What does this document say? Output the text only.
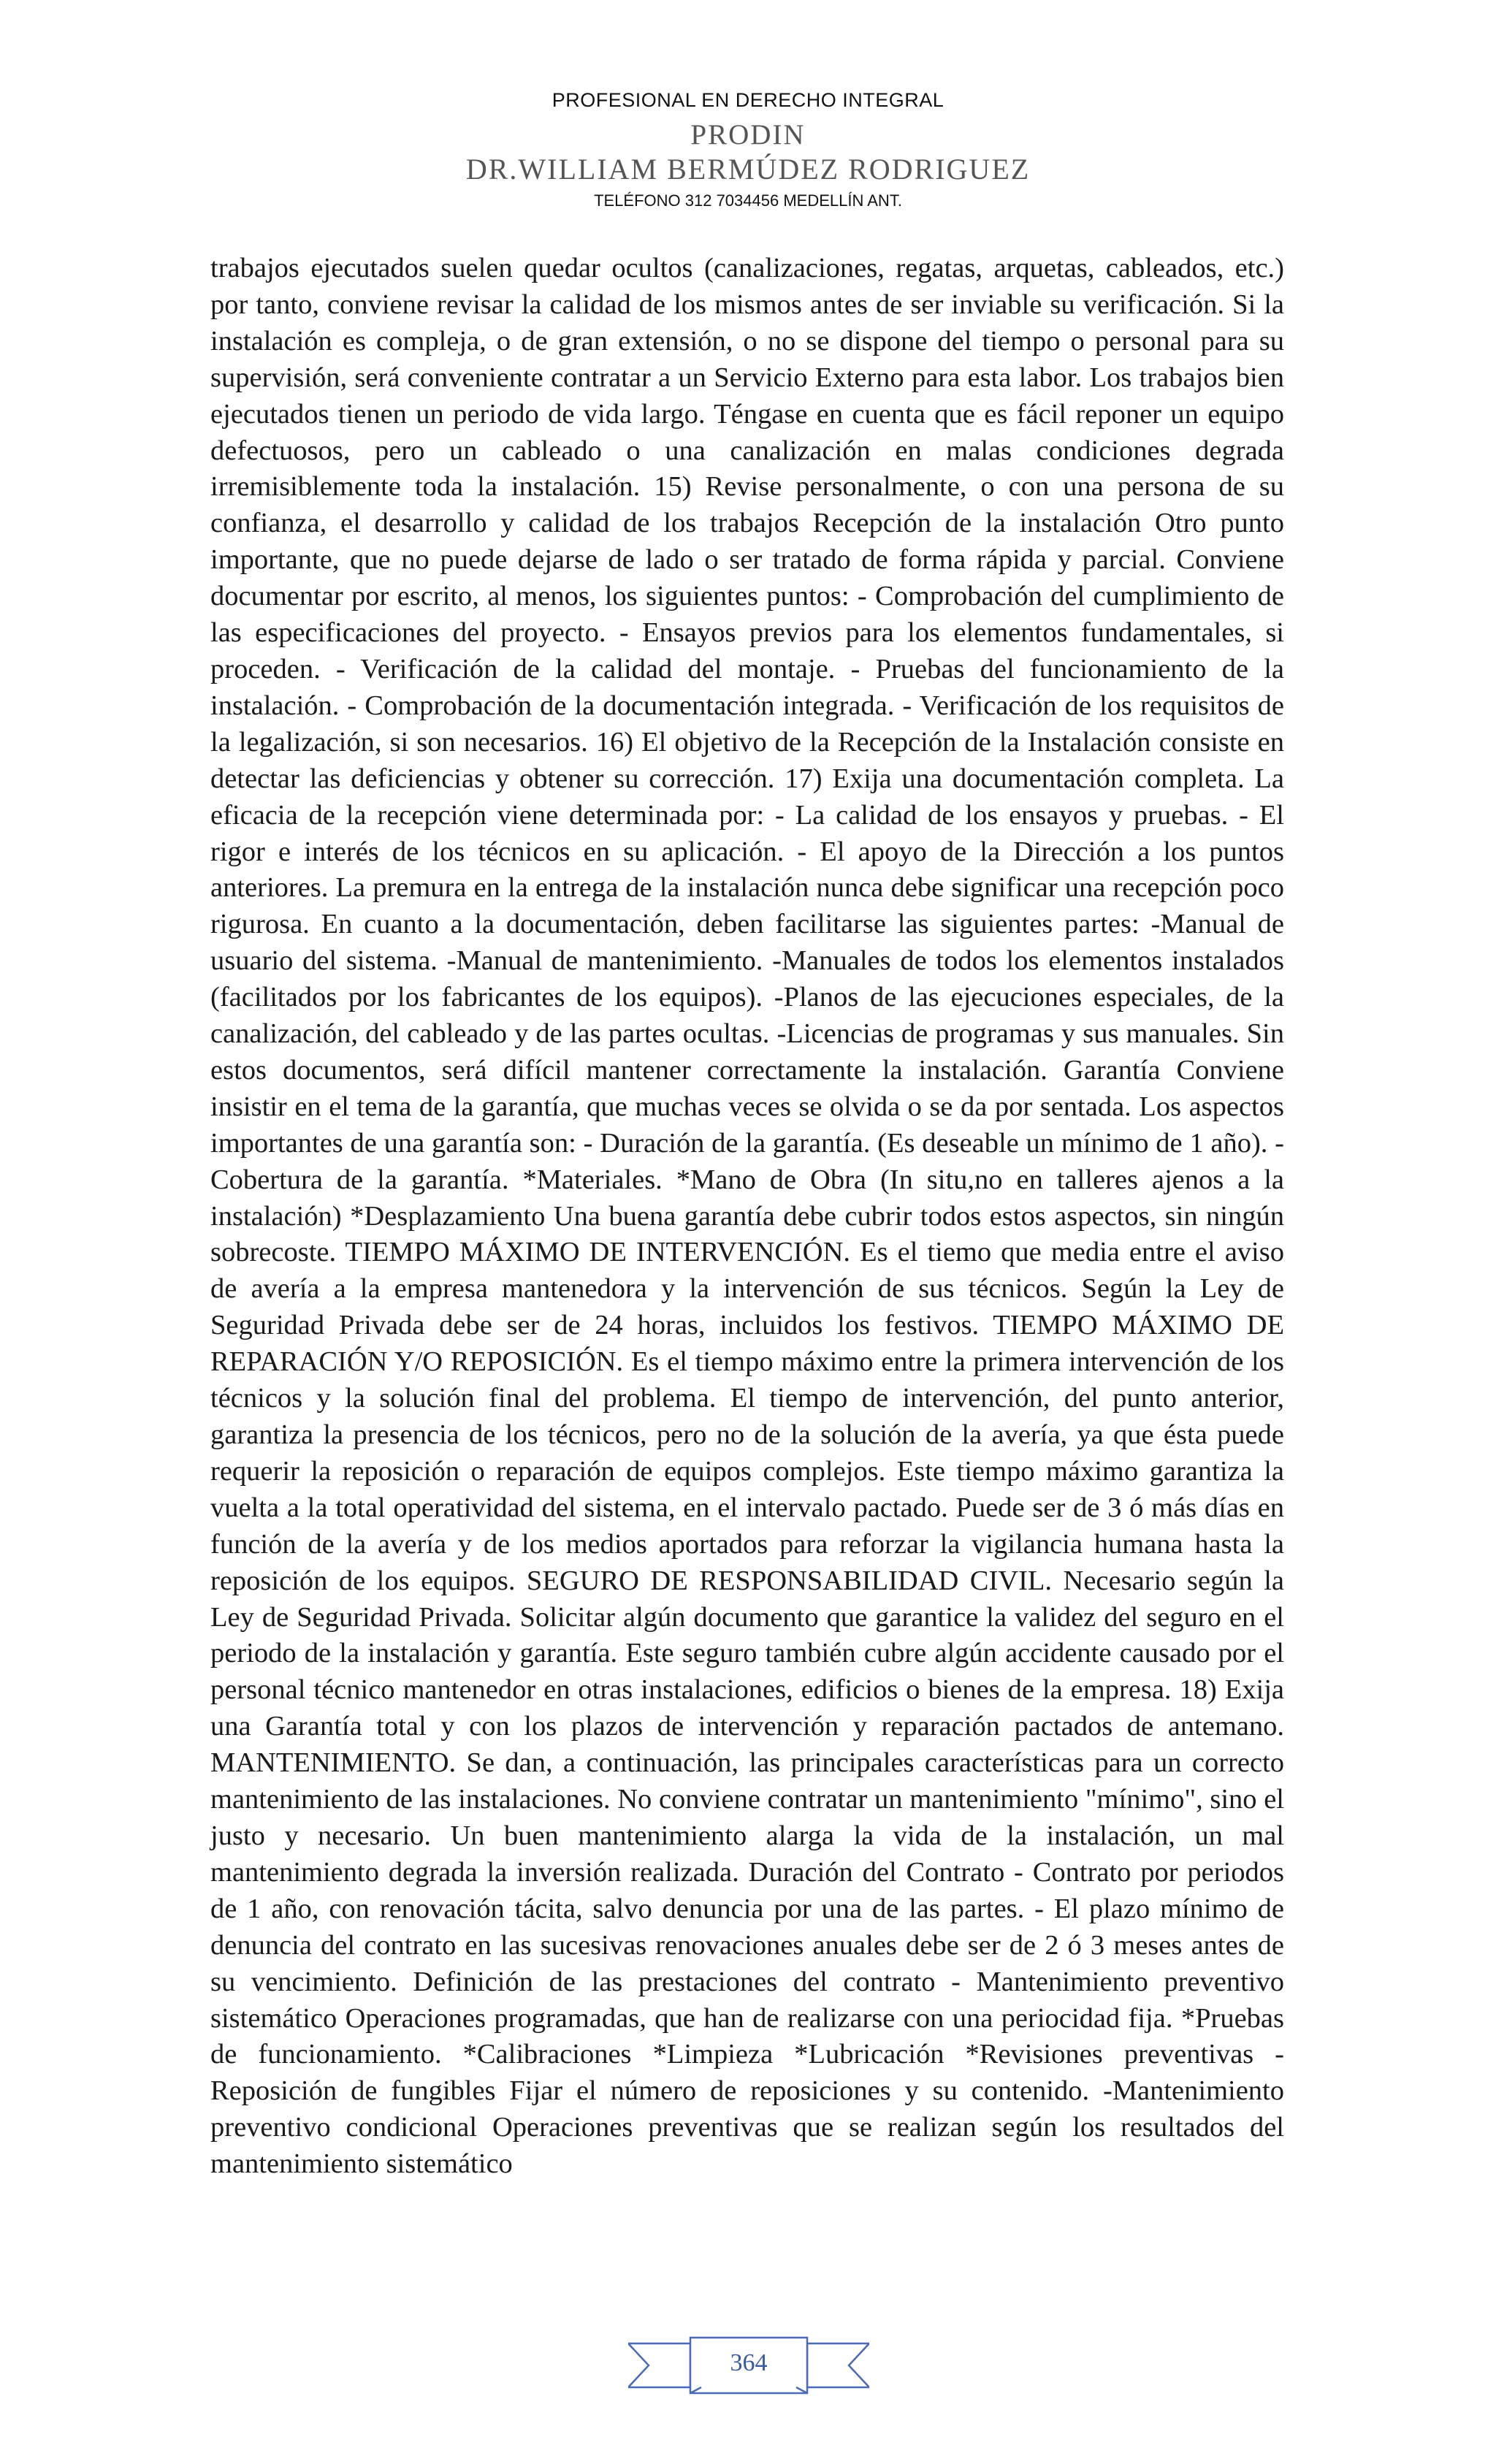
PROFESIONAL EN DERECHO INTEGRAL
PRODIN
DR.WILLIAM BERMÚDEZ RODRIGUEZ
TELÉFONO 312 7034456 MEDELLÍN ANT.

trabajos ejecutados suelen quedar ocultos (canalizaciones, regatas, arquetas, cableados, etc.) por tanto, conviene revisar la calidad de los mismos antes de ser inviable su verificación. Si la instalación es compleja, o de gran extensión, o no se dispone del tiempo o personal para su supervisión, será conveniente contratar a un Servicio Externo para esta labor. Los trabajos bien ejecutados tienen un periodo de vida largo. Téngase en cuenta que es fácil reponer un equipo defectuosos, pero un cableado o una canalización en malas condiciones degrada irremisiblemente toda la instalación. 15) Revise personalmente, o con una persona de su confianza, el desarrollo y calidad de los trabajos Recepción de la instalación Otro punto importante, que no puede dejarse de lado o ser tratado de forma rápida y parcial. Conviene documentar por escrito, al menos, los siguientes puntos: - Comprobación del cumplimiento de las especificaciones del proyecto. - Ensayos previos para los elementos fundamentales, si proceden. - Verificación de la calidad del montaje. - Pruebas del funcionamiento de la instalación. - Comprobación de la documentación integrada. - Verificación de los requisitos de la legalización, si son necesarios. 16) El objetivo de la Recepción de la Instalación consiste en detectar las deficiencias y obtener su corrección. 17) Exija una documentación completa. La eficacia de la recepción viene determinada por: - La calidad de los ensayos y pruebas. - El rigor e interés de los técnicos en su aplicación. - El apoyo de la Dirección a los puntos anteriores. La premura en la entrega de la instalación nunca debe significar una recepción poco rigurosa. En cuanto a la documentación, deben facilitarse las siguientes partes: -Manual de usuario del sistema. -Manual de mantenimiento. -Manuales de todos los elementos instalados (facilitados por los fabricantes de los equipos). -Planos de las ejecuciones especiales, de la canalización, del cableado y de las partes ocultas. -Licencias de programas y sus manuales. Sin estos documentos, será difícil mantener correctamente la instalación. Garantía Conviene insistir en el tema de la garantía, que muchas veces se olvida o se da por sentada. Los aspectos importantes de una garantía son: - Duración de la garantía. (Es deseable un mínimo de 1 año). - Cobertura de la garantía. *Materiales. *Mano de Obra (In situ,no en talleres ajenos a la instalación) *Desplazamiento Una buena garantía debe cubrir todos estos aspectos, sin ningún sobrecoste. TIEMPO MÁXIMO DE INTERVENCIÓN. Es el tiemo que media entre el aviso de avería a la empresa mantenedora y la intervención de sus técnicos. Según la Ley de Seguridad Privada debe ser de 24 horas, incluidos los festivos. TIEMPO MÁXIMO DE REPARACIÓN Y/O REPOSICIÓN. Es el tiempo máximo entre la primera intervención de los técnicos y la solución final del problema. El tiempo de intervención, del punto anterior, garantiza la presencia de los técnicos, pero no de la solución de la avería, ya que ésta puede requerir la reposición o reparación de equipos complejos. Este tiempo máximo garantiza la vuelta a la total operatividad del sistema, en el intervalo pactado. Puede ser de 3 ó más días en función de la avería y de los medios aportados para reforzar la vigilancia humana hasta la reposición de los equipos. SEGURO DE RESPONSABILIDAD CIVIL. Necesario según la Ley de Seguridad Privada. Solicitar algún documento que garantice la validez del seguro en el periodo de la instalación y garantía. Este seguro también cubre algún accidente causado por el personal técnico mantenedor en otras instalaciones, edificios o bienes de la empresa. 18) Exija una Garantía total y con los plazos de intervención y reparación pactados de antemano. MANTENIMIENTO. Se dan, a continuación, las principales características para un correcto mantenimiento de las instalaciones. No conviene contratar un mantenimiento "mínimo", sino el justo y necesario. Un buen mantenimiento alarga la vida de la instalación, un mal mantenimiento degrada la inversión realizada. Duración del Contrato - Contrato por periodos de 1 año, con renovación tácita, salvo denuncia por una de las partes. - El plazo mínimo de denuncia del contrato en las sucesivas renovaciones anuales debe ser de 2 ó 3 meses antes de su vencimiento. Definición de las prestaciones del contrato - Mantenimiento preventivo sistemático Operaciones programadas, que han de realizarse con una periocidad fija. *Pruebas de funcionamiento. *Calibraciones *Limpieza *Lubricación *Revisiones preventivas - Reposición de fungibles Fijar el número de reposiciones y su contenido. -Mantenimiento preventivo condicional Operaciones preventivas que se realizan según los resultados del mantenimiento sistemático

364
